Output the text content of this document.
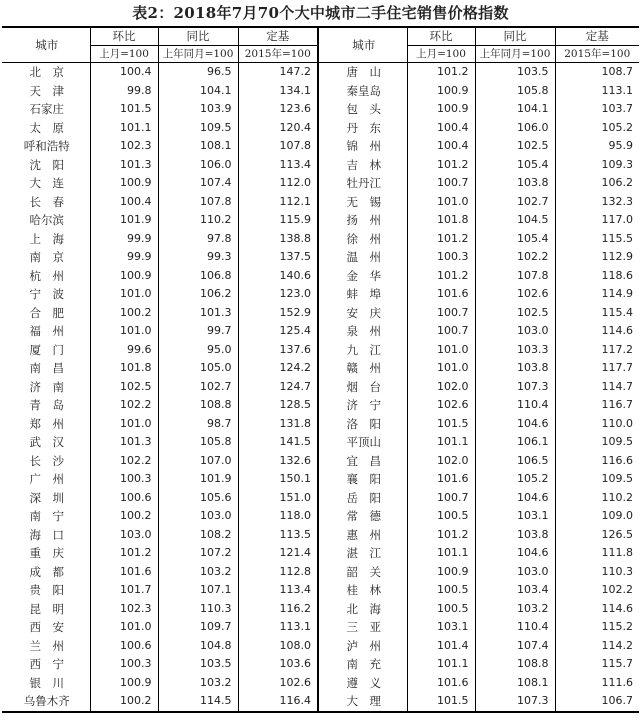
表2：2018年7月70个大中城市二手住宅销售价格指数
城市	环比	同比	定基	城市	环比	同比	定基
	上月=100	上年同月=100	2015年=100		上月=100	上年同月=100	2015年=100
北　京	100.4	96.5	147.2	唐　山	101.2	103.5	108.7
天　津	99.8	104.1	134.1	秦皇岛	100.9	105.8	113.1
石家庄	101.5	103.9	123.6	包　头	100.9	104.1	103.7
太　原	101.1	109.5	120.4	丹　东	100.4	106.0	105.2
呼和浩特	102.3	108.1	107.8	锦　州	100.4	102.5	95.9
沈　阳	101.3	106.0	113.4	吉　林	101.2	105.4	109.3
大　连	100.9	107.4	112.0	牡丹江	100.7	103.8	106.2
长　春	100.4	107.8	112.1	无　锡	101.0	102.7	132.3
哈尔滨	101.9	110.2	115.9	扬　州	101.8	104.5	117.0
上　海	99.9	97.8	138.8	徐　州	101.2	105.4	115.5
南　京	99.9	99.3	137.5	温　州	100.3	102.2	112.9
杭　州	100.9	106.8	140.6	金　华	101.2	107.8	118.6
宁　波	101.0	106.2	123.0	蚌　埠	101.6	102.6	114.9
合　肥	100.2	101.3	152.9	安　庆	100.7	102.5	115.4
福　州	101.0	99.7	125.4	泉　州	100.7	103.0	114.6
厦　门	99.6	95.0	137.6	九　江	101.0	103.3	117.2
南　昌	101.8	105.0	124.2	赣　州	101.0	103.8	117.7
济　南	102.5	102.7	124.7	烟　台	102.0	107.3	114.7
青　岛	102.2	108.8	128.5	济　宁	102.6	110.4	116.7
郑　州	101.0	98.7	131.8	洛　阳	101.5	104.6	110.0
武　汉	101.3	105.8	141.5	平顶山	101.1	106.1	109.5
长　沙	102.2	107.0	132.6	宜　昌	102.0	106.5	116.6
广　州	100.3	101.9	150.1	襄　阳	101.6	105.2	109.5
深　圳	100.6	105.6	151.0	岳　阳	100.7	104.6	110.2
南　宁	100.2	103.0	118.0	常　德	100.5	103.1	109.0
海　口	103.0	108.2	113.5	惠　州	101.2	103.8	126.5
重　庆	101.2	107.2	121.4	湛　江	101.1	104.6	111.8
成　都	101.6	103.2	112.8	韶　关	100.9	103.0	110.3
贵　阳	101.7	107.1	113.4	桂　林	100.5	103.4	102.2
昆　明	102.3	110.3	116.2	北　海	100.5	103.2	114.6
西　安	101.0	109.7	113.1	三　亚	103.1	110.4	115.2
兰　州	100.6	104.8	108.0	泸　州	101.4	107.4	114.2
西　宁	100.3	103.5	103.6	南　充	101.1	108.8	115.7
银　川	100.9	103.2	102.6	遵　义	101.6	108.1	111.6
乌鲁木齐	100.2	114.5	116.4	大　理	101.5	107.3	106.7
